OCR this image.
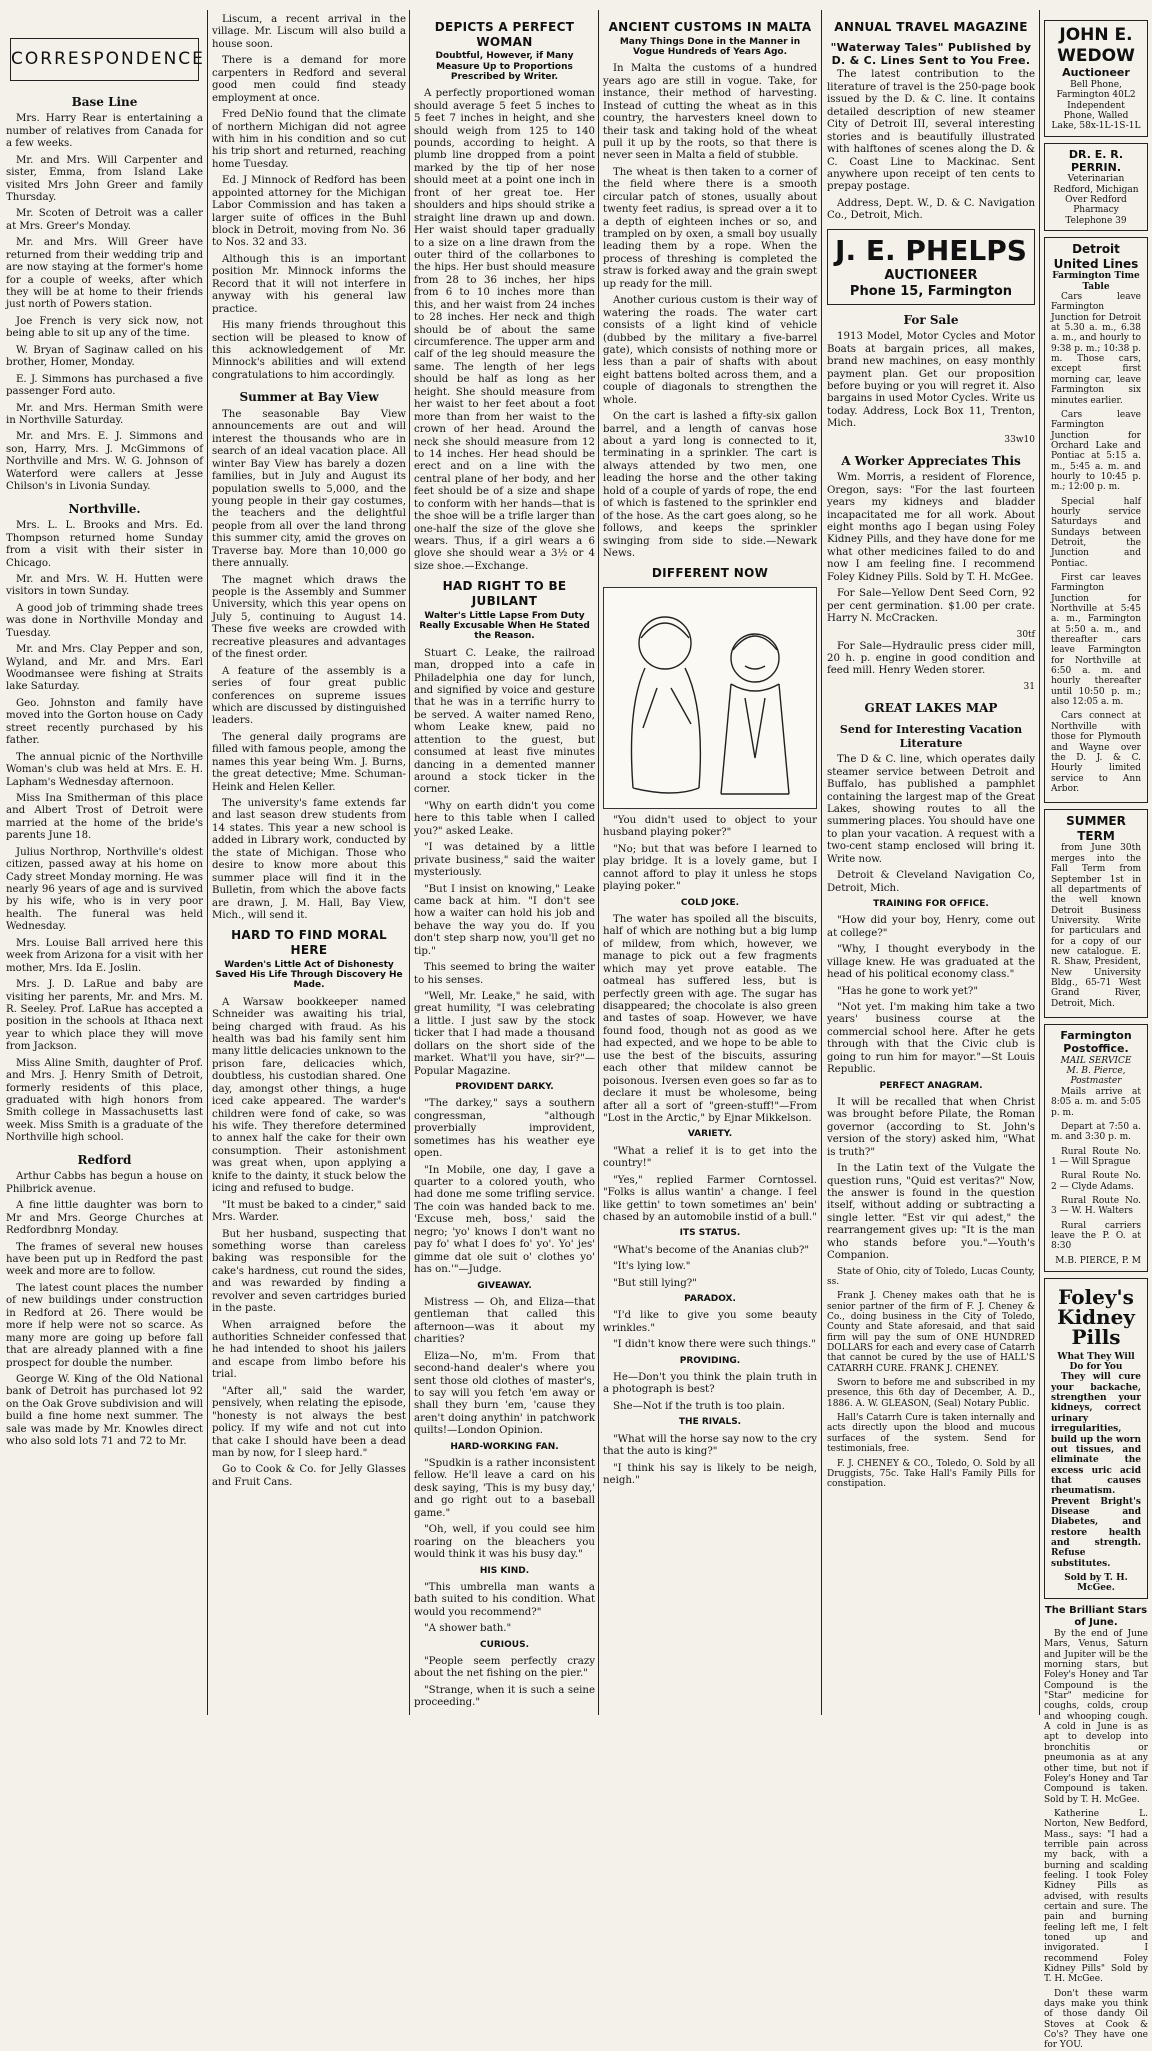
CORRESPONDENCE
Base Line

Mrs. Harry Rear is entertaining a number of relatives from Canada for a few weeks.

Mr. and Mrs. Will Carpenter and sister, Emma, from Island Lake visited Mrs John Greer and family Thursday.

Mr. Scoten of Detroit was a caller at Mrs. Greer's Monday.

Mr. and Mrs. Will Greer have returned from their wedding trip and are now staying at the former's home for a couple of weeks, after which they will be at home to their friends just north of Powers station.

Joe French is very sick now, not being able to sit up any of the time.

W. Bryan of Saginaw called on his brother, Homer, Monday.

E. J. Simmons has purchased a five passenger Ford auto.

Mr. and Mrs. Herman Smith were in Northville Saturday.

Mr. and Mrs. E. J. Simmons and son, Harry, Mrs. J. McGimmons of Northville and Mrs. W. G. Johnson of Waterford were callers at Jesse Chilson's in Livonia Sunday.

Northville.

Mrs. L. L. Brooks and Mrs. Ed. Thompson returned home Sunday from a visit with their sister in Chicago.

Mr. and Mrs. W. H. Hutten were visitors in town Sunday.

A good job of trimming shade trees was done in Northville Monday and Tuesday.

Mr. and Mrs. Clay Pepper and son, Wyland, and Mr. and Mrs. Earl Woodmansee were fishing at Straits lake Saturday.

Geo. Johnston and family have moved into the Gorton house on Cady street recently purchased by his father.

The annual picnic of the Northville Woman's club was held at Mrs. E. H. Lapham's Wednesday afternoon.

Miss Ina Smitherman of this place and Albert Trost of Detroit were married at the home of the bride's parents June 18.

Julius Northrop, Northville's oldest citizen, passed away at his home on Cady street Monday morning. He was nearly 96 years of age and is survived by his wife, who is in very poor health. The funeral was held Wednesday.

Mrs. Louise Ball arrived here this week from Arizona for a visit with her mother, Mrs. Ida E. Joslin.

Mrs. J. D. LaRue and baby are visiting her parents, Mr. and Mrs. M. R. Seeley. Prof. LaRue has accepted a position in the schools at Ithaca next year to which place they will move from Jackson.

Miss Aline Smith, daughter of Prof. and Mrs. J. Henry Smith of Detroit, formerly residents of this place, graduated with high honors from Smith college in Massachusetts last week. Miss Smith is a graduate of the Northville high school.

Redford

Arthur Cabbs has begun a house on Philbrick avenue.

A fine little daughter was born to Mr and Mrs. George Churches at Redfordbnrg Monday.

The frames of several new houses have been put up in Redford the past week and more are to follow.

The latest count places the number of new buildings under construction in Redford at 26. There would be more if help were not so scarce. As many more are going up before fall that are already planned with a fine prospect for double the number.

George W. King of the Old National bank of Detroit has purchased lot 92 on the Oak Grove subdivision and will build a fine home next summer. The sale was made by Mr. Knowles direct who also sold lots 71 and 72 to Mr.

Liscum, a recent arrival in the village. Mr. Liscum will also build a house soon.

There is a demand for more carpenters in Redford and several good men could find steady employment at once.

Fred DeNio found that the climate of northern Michigan did not agree with him in his condition and so cut his trip short and returned, reaching home Tuesday.

Ed. J Minnock of Redford has been appointed attorney for the Michigan Labor Commission and has taken a larger suite of offices in the Buhl block in Detroit, moving from No. 36 to Nos. 32 and 33.

Although this is an important position Mr. Minnock informs the Record that it will not interfere in anyway with his general law practice.

His many friends throughout this section will be pleased to know of this acknowledgement of Mr. Minnock's abilities and will extend congratulations to him accordingly.

Summer at Bay View

The seasonable Bay View announcements are out and will interest the thousands who are in search of an ideal vacation place. All winter Bay View has barely a dozen families, but in July and August its population swells to 5,000, and the young people in their gay costumes, the teachers and the delightful people from all over the land throng this summer city, amid the groves on Traverse bay. More than 10,000 go there annually.

The magnet which draws the people is the Assembly and Summer University, which this year opens on July 5, continuing to August 14. These five weeks are crowded with recreative pleasures and advantages of the finest order.

A feature of the assembly is a series of four great public conferences on supreme issues which are discussed by distinguished leaders.

The general daily programs are filled with famous people, among the names this year being Wm. J. Burns, the great detective; Mme. Schuman-Heink and Helen Keller.

The university's fame extends far and last season drew students from 14 states. This year a new school is added in Library work, conducted by the state of Michigan. Those who desire to know more about this summer place will find it in the Bulletin, from which the above facts are drawn, J. M. Hall, Bay View, Mich., will send it.

HARD TO FIND MORAL HERE
Warden's Little Act of Dishonesty Saved His Life Through Discovery He Made.

A Warsaw bookkeeper named Schneider was awaiting his trial, being charged with fraud. As his health was bad his family sent him many little delicacies unknown to the prison fare, delicacies which, doubtless, his custodian shared. One day, amongst other things, a huge iced cake appeared. The warder's children were fond of cake, so was his wife. They therefore determined to annex half the cake for their own consumption. Their astonishment was great when, upon applying a knife to the dainty, it stuck below the icing and refused to budge.

"It must be baked to a cinder," said Mrs. Warder.

But her husband, suspecting that something worse than careless baking was responsible for the cake's hardness, cut round the sides, and was rewarded by finding a revolver and seven cartridges buried in the paste.

When arraigned before the authorities Schneider confessed that he had intended to shoot his jailers and escape from limbo before his trial.

"After all," said the warder, pensively, when relating the episode, "honesty is not always the best policy. If my wife and not cut into that cake I should have been a dead man by now, for I sleep hard."

Go to Cook & Co. for Jelly Glasses and Fruit Cans.

DEPICTS A PERFECT WOMAN
Doubtful, However, if Many Measure Up to Proportions Prescribed by Writer.

A perfectly proportioned woman should average 5 feet 5 inches to 5 feet 7 inches in height, and she should weigh from 125 to 140 pounds, according to height. A plumb line dropped from a point marked by the tip of her nose should meet at a point one inch in front of her great toe. Her shoulders and hips should strike a straight line drawn up and down. Her waist should taper gradually to a size on a line drawn from the outer third of the collarbones to the hips. Her bust should measure from 28 to 36 inches, her hips from 6 to 10 inches more than this, and her waist from 24 inches to 28 inches. Her neck and thigh should be of about the same circumference. The upper arm and calf of the leg should measure the same. The length of her legs should be half as long as her height. She should measure from her waist to her feet about a foot more than from her waist to the crown of her head. Around the neck she should measure from 12 to 14 inches. Her head should be erect and on a line with the central plane of her body, and her feet should be of a size and shape to conform with her hands—that is the shoe will be a trifle larger than one-half the size of the glove she wears. Thus, if a girl wears a 6 glove she should wear a 3½ or 4 size shoe.—Exchange.

HAD RIGHT TO BE JUBILANT
Walter's Little Lapse From Duty Really Excusable When He Stated the Reason.

Stuart C. Leake, the railroad man, dropped into a cafe in Philadelphia one day for lunch, and signified by voice and gesture that he was in a terrific hurry to be served. A waiter named Reno, whom Leake knew, paid no attention to the guest, but consumed at least five minutes dancing in a demented manner around a stock ticker in the corner.

"Why on earth didn't you come here to this table when I called you?" asked Leake.

"I was detained by a little private business," said the waiter mysteriously.

"But I insist on knowing," Leake came back at him. "I don't see how a waiter can hold his job and behave the way you do. If you don't step sharp now, you'll get no tip."

This seemed to bring the waiter to his senses.

"Well, Mr. Leake," he said, with great humility, "I was celebrating a little. I just saw by the stock ticker that I had made a thousand dollars on the short side of the market. What'll you have, sir?"—Popular Magazine.

PROVIDENT DARKY.

"The darkey," says a southern congressman, "although proverbially improvident, sometimes has his weather eye open.

"In Mobile, one day, I gave a quarter to a colored youth, who had done me some trifling service. The coin was handed back to me. 'Excuse meh, boss,' said the negro; 'yo' knows I don't want no pay fo' what I does fo' yo'. Yo' jes' gimme dat ole suit o' clothes yo' has on.'"—Judge.

GIVEAWAY.

Mistress — Oh, and Eliza—that gentleman that called this afternoon—was it about my charities?

Eliza—No, m'm. From that second-hand dealer's where you sent those old clothes of master's, to say will you fetch 'em away or shall they burn 'em, 'cause they aren't doing anythin' in patchwork quilts!—London Opinion.

HARD-WORKING FAN.

"Spudkin is a rather inconsistent fellow. He'll leave a card on his desk saying, 'This is my busy day,' and go right out to a baseball game."

"Oh, well, if you could see him roaring on the bleachers you would think it was his busy day."

HIS KIND.

"This umbrella man wants a bath suited to his condition. What would you recommend?"

"A shower bath."

CURIOUS.

"People seem perfectly crazy about the net fishing on the pier."

"Strange, when it is such a seine proceeding."

ANCIENT CUSTOMS IN MALTA
Many Things Done in the Manner in Vogue Hundreds of Years Ago.

In Malta the customs of a hundred years ago are still in vogue. Take, for instance, their method of harvesting. Instead of cutting the wheat as in this country, the harvesters kneel down to their task and taking hold of the wheat pull it up by the roots, so that there is never seen in Malta a field of stubble.

The wheat is then taken to a corner of the field where there is a smooth circular patch of stones, usually about twenty feet radius, is spread over a it to a depth of eighteen inches or so, and trampled on by oxen, a small boy usually leading them by a rope. When the process of threshing is completed the straw is forked away and the grain swept up ready for the mill.

Another curious custom is their way of watering the roads. The water cart consists of a light kind of vehicle (dubbed by the military a five-barrel gate), which consists of nothing more or less than a pair of shafts with about eight battens bolted across them, and a couple of diagonals to strengthen the whole.

On the cart is lashed a fifty-six gallon barrel, and a length of canvas hose about a yard long is connected to it, terminating in a sprinkler. The cart is always attended by two men, one leading the horse and the other taking hold of a couple of yards of rope, the end of which is fastened to the sprinkler end of the hose. As the cart goes along, so he follows, and keeps the sprinkler swinging from side to side.—Newark News.

DIFFERENT NOW

"You didn't used to object to your husband playing poker?"

"No; but that was before I learned to play bridge. It is a lovely game, but I cannot afford to play it unless he stops playing poker."

COLD JOKE.

The water has spoiled all the biscuits, half of which are nothing but a big lump of mildew, from which, however, we manage to pick out a few fragments which may yet prove eatable. The oatmeal has suffered less, but is perfectly green with age. The sugar has disappeared; the chocolate is also green and tastes of soap. However, we have found food, though not as good as we had expected, and we hope to be able to use the best of the biscuits, assuring each other that mildew cannot be poisonous. Iversen even goes so far as to declare it must be wholesome, being after all a sort of "green-stuff!"—From "Lost in the Arctic," by Ejnar Mikkelson.

VARIETY.

"What a relief it is to get into the country!"

"Yes," replied Farmer Corntossel. "Folks is allus wantin' a change. I feel like gettin' to town sometimes an' bein' chased by an automobile instid of a bull."

ITS STATUS.

"What's become of the Ananias club?"

"It's lying low."

"But still lying?"

PARADOX.

"I'd like to give you some beauty wrinkles."

"I didn't know there were such things."

PROVIDING.

He—Don't you think the plain truth in a photograph is best?

She—Not if the truth is too plain.

THE RIVALS.

"What will the horse say now to the cry that the auto is king?"

"I think his say is likely to be neigh, neigh."

ANNUAL TRAVEL MAGAZINE
"Waterway Tales" Published by D. & C. Lines Sent to You Free.

The latest contribution to the literature of travel is the 250-page book issued by the D. & C. line. It contains detailed description of new steamer City of Detroit III, several interesting stories and is beautifully illustrated with halftones of scenes along the D. & C. Coast Line to Mackinac. Sent anywhere upon receipt of ten cents to prepay postage.

Address, Dept. W., D. & C. Navigation Co., Detroit, Mich.

J. E. PHELPS
AUCTIONEER
Phone 15, Farmington
For Sale

1913 Model, Motor Cycles and Motor Boats at bargain prices, all makes, brand new machines, on easy monthly payment plan. Get our proposition before buying or you will regret it. Also bargains in used Motor Cycles. Write us today. Address, Lock Box 11, Trenton, Mich.

33w10
A Worker Appreciates This

Wm. Morris, a resident of Florence, Oregon, says: "For the last fourteen years my kidneys and bladder incapacitated me for all work. About eight months ago I began using Foley Kidney Pills, and they have done for me what other medicines failed to do and now I am feeling fine. I recommend Foley Kidney Pills. Sold by T. H. McGee.

For Sale—Yellow Dent Seed Corn, 92 per cent germination. $1.00 per crate. Harry N. McCracken.

30tf

For Sale—Hydraulic press cider mill, 20 h. p. engine in good condition and feed mill. Henry Weden storer.

31
GREAT LAKES MAP
Send for Interesting Vacation Literature

The D & C. line, which operates daily steamer service between Detroit and Buffalo, has published a pamphlet containing the largest map of the Great Lakes, showing routes to all the summering places. You should have one to plan your vacation. A request with a two-cent stamp enclosed will bring it. Write now.

Detroit & Cleveland Navigation Co, Detroit, Mich.

TRAINING FOR OFFICE.

"How did your boy, Henry, come out at college?"

"Why, I thought everybody in the village knew. He was graduated at the head of his political economy class."

"Has he gone to work yet?"

"Not yet. I'm making him take a two years' business course at the commercial school here. After he gets through with that the Civic club is going to run him for mayor."—St Louis Republic.

PERFECT ANAGRAM.

It will be recalled that when Christ was brought before Pilate, the Roman governor (according to St. John's version of the story) asked him, "What is truth?"

In the Latin text of the Vulgate the question runs, "Quid est veritas?" Now, the answer is found in the question itself, without adding or subtracting a single letter. "Est vir qui adest," the rearrangement gives up: "It is the man who stands before you."—Youth's Companion.

State of Ohio, city of Toledo, Lucas County, ss.

Frank J. Cheney makes oath that he is senior partner of the firm of F. J. Cheney & Co., doing business in the City of Toledo, County and State aforesaid, and that said firm will pay the sum of ONE HUNDRED DOLLARS for each and every case of Catarrh that cannot be cured by the use of HALL'S CATARRH CURE. FRANK J. CHENEY.

Sworn to before me and subscribed in my presence, this 6th day of December, A. D., 1886. A. W. GLEASON, (Seal) Notary Public.

Hall's Catarrh Cure is taken internally and acts directly upon the blood and mucous surfaces of the system. Send for testimonials, free.

F. J. CHENEY & CO., Toledo, O. Sold by all Druggists, 75c. Take Hall's Family Pills for constipation.

JOHN E. WEDOW
Auctioneer
Bell Phone, Farmington 40L2
Independent Phone, Walled Lake, 58x-1L-1S-1L
DR. E. R. PERRIN.
Veterinarian
Redford, Michigan
Over Redford Pharmacy
Telephone 39
Detroit United Lines
Farmington Time Table

Cars leave Farmington Junction for Detroit at 5.30 a. m., 6.38 a. m., and hourly to 9:38 p. m.; 10:38 p. m. Those cars, except first morning car, leave Farmington six minutes earlier.

Cars leave Farmington Junction for Orchard Lake and Pontiac at 5:15 a. m., 5:45 a. m. and hourly to 10:45 p. m.; 12:00 p. m.

Special half hourly service Saturdays and Sundays between Detroit, the Junction and Pontiac.

First car leaves Farmington Junction for Northville at 5:45 a. m., Farmington at 5:50 a. m., and thereafter cars leave Farmington for Northville at 6:50 a. m. and hourly thereafter until 10:50 p. m.; also 12:05 a. m.

Cars connect at Northville with those for Plymouth and Wayne over the D. J. & C. Hourly limited service to Ann Arbor.

SUMMER TERM

from June 30th merges into the Fall Term from September 1st in all departments of the well known Detroit Business University. Write for particulars and for a copy of our new catalogue. E. R. Shaw, President, New University Bldg., 65-71 West Grand River, Detroit, Mich.

Farmington Postoffice.
MAIL SERVICE
M. B. Pierce, Postmaster

Mails arrive at 8:05 a. m. and 5:05 p. m.

Depart at 7:50 a. m. and 3:30 p. m.

Rural Route No. 1 — Will Sprague

Rural Route No. 2 — Clyde Adams.

Rural Route No. 3 — W. H. Walters

Rural carriers leave the P. O. at 8:30

M.B. PIERCE, P. M
Foley's Kidney Pills
What They Will Do for You

They will cure your backache, strengthen your kidneys, correct urinary irregularities, build up the worn out tissues, and eliminate the excess uric acid that causes rheumatism. Prevent Bright's Disease and Diabetes, and restore health and strength. Refuse substitutes.

Sold by T. H. McGee.
The Brilliant Stars of June.

By the end of June Mars, Venus, Saturn and Jupiter will be the morning stars, but Foley's Honey and Tar Compound is the "Star" medicine for coughs, colds, croup and whooping cough. A cold in June is as apt to develop into bronchitis or pneumonia as at any other time, but not if Foley's Honey and Tar Compound is taken. Sold by T. H. McGee.

Katherine L. Norton, New Bedford, Mass., says: "I had a terrible pain across my back, with a burning and scalding feeling. I took Foley Kidney Pills as advised, with results certain and sure. The pain and burning feeling left me, I felt toned up and invigorated. I recommend Foley Kidney Pills" Sold by T. H. McGee.

Don't these warm days make you think of those dandy Oil Stoves at Cook & Co's? They have one for YOU.
